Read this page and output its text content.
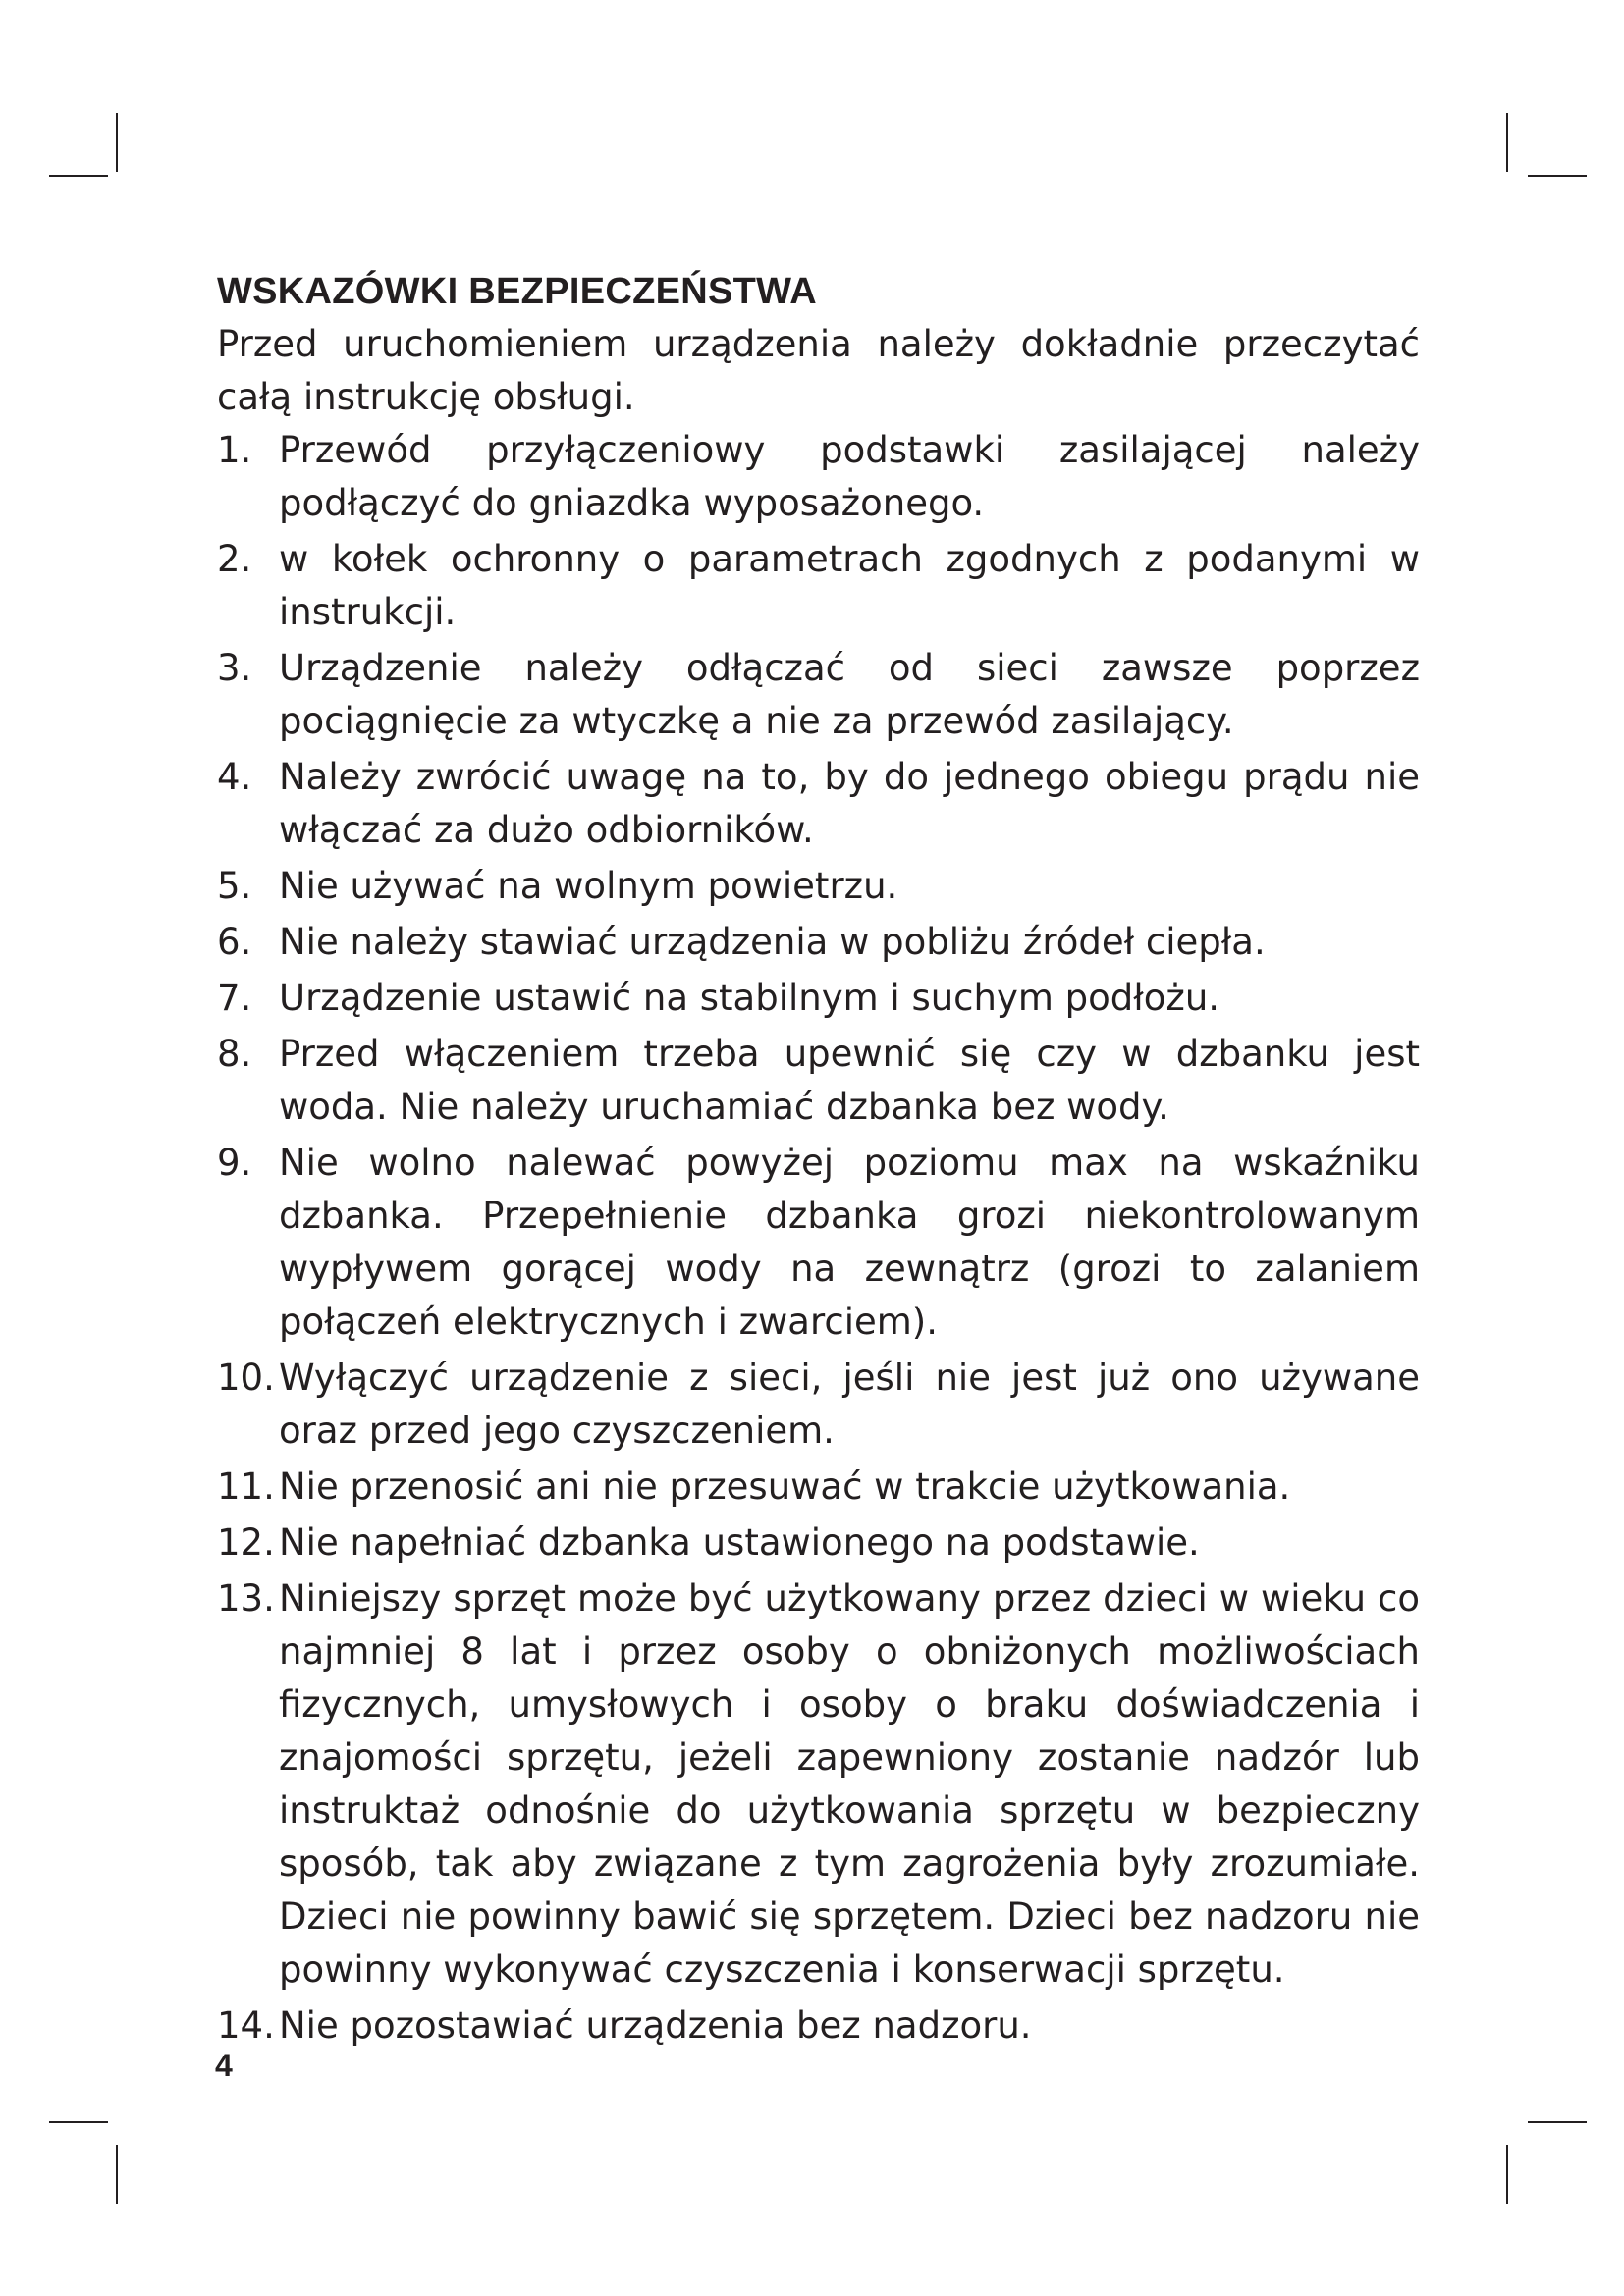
WSKAZÓWKI BEZPIECZEŃSTWA

Przed uruchomieniem urządzenia należy dokładnie przeczytać całą instrukcję obsługi.

1. Przewód przyłączeniowy podstawki zasilającej należy podłączyć do gniazdka wyposażonego.
2. w kołek ochronny o parametrach zgodnych z podanymi w instrukcji.
3. Urządzenie należy odłączać od sieci zawsze poprzez pociągnięcie za wtyczkę a nie za przewód zasilający.
4. Należy zwrócić uwagę na to, by do jednego obiegu prądu nie włączać za dużo odbiorników.
5. Nie używać na wolnym powietrzu.
6. Nie należy stawiać urządzenia w pobliżu źródeł ciepła.
7. Urządzenie ustawić na stabilnym i suchym podłożu.
8. Przed włączeniem trzeba upewnić się czy w dzbanku jest woda. Nie należy uruchamiać dzbanka bez wody.
9. Nie wolno nalewać powyżej poziomu max na wskaźniku dzbanka. Przepełnienie dzbanka grozi niekontrolowanym wypływem gorącej wody na zewnątrz (grozi to zalaniem połączeń elektrycznych i zwarciem).
10. Wyłączyć urządzenie z sieci, jeśli nie jest już ono używane oraz przed jego czyszczeniem.
11. Nie przenosić ani nie przesuwać w trakcie użytkowania.
12. Nie napełniać dzbanka ustawionego na podstawie.
13. Niniejszy sprzęt może być użytkowany przez dzieci w wieku co najmniej 8 lat i przez osoby o obniżonych możliwościach fizycznych, umysłowych i osoby o braku doświadczenia i znajomości sprzętu, jeżeli zapewniony zostanie nadzór lub instruktaż odnośnie do użytkowania sprzętu w bezpieczny sposób, tak aby związane z tym zagrożenia były zrozumiałe. Dzieci nie powinny bawić się sprzętem. Dzieci bez nadzoru nie powinny wykonywać czyszczenia i konserwacji sprzętu.
14. Nie pozostawiać urządzenia bez nadzoru.
4
